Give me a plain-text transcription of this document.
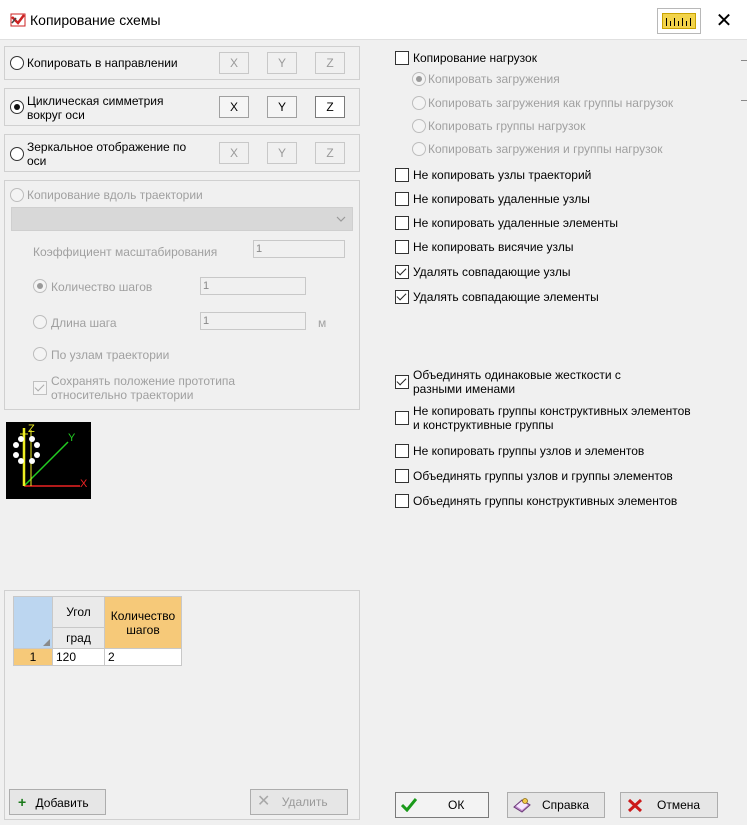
Копирование схемы	✕
Копировать в направлении	X	Y	Z
Циклическая симметрия
вокруг оси
X	Y	Z
Зеркальное отображение по
оси
X	Y	Z
Копирование вдоль траектории
Коэффициент масштабирования	1
Количество шагов	1
Длина шага	1	м
По узлам траектории
Сохранять положение прототипа
относительно траектории
Z
Y
X
	Угол	Количество
шагов

	град	
1	120	2
+ Добавить	✕ Удалить
Копирование нагрузок
Копировать загружения
Копировать загружения как группы нагрузок
Копировать группы нагрузок
Копировать загружения и группы нагрузок
Не копировать узлы траекторий
Не копировать удаленные узлы
Не копировать удаленные элементы
Не копировать висячие узлы
Удалять совпадающие узлы
Удалять совпадающие элементы
Объединять одинаковые жесткости с
разными именами
Не копировать группы конструктивных элементов
и конструктивные группы
Не копировать группы узлов и элементов
Объединять группы узлов и группы элементов
Объединять группы конструктивных элементов
ОК	Справка	Отмена
